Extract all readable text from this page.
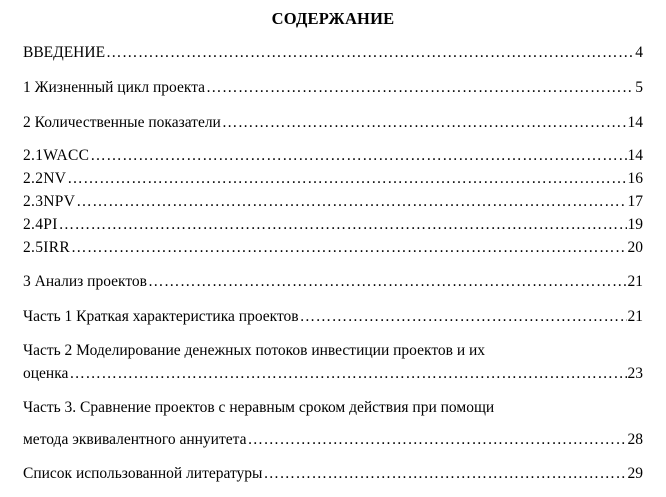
СОДЕРЖАНИЕ
ВВЕДЕНИЕ …………………………………………………………………………………………………………………………………………………………………………………………	4
1 Жизненный цикл проекта …………………………………………………………………………………………………………………………………………………………………………………………	5
2 Количественные показатели …………………………………………………………………………………………………………………………………………………………………………………………	14
2.1WACC …………………………………………………………………………………………………………………………………………………………………………………………	14
2.2NV …………………………………………………………………………………………………………………………………………………………………………………………	16
2.3NPV …………………………………………………………………………………………………………………………………………………………………………………………	17
2.4PI …………………………………………………………………………………………………………………………………………………………………………………………	19
2.5IRR …………………………………………………………………………………………………………………………………………………………………………………………	20
3 Анализ проектов …………………………………………………………………………………………………………………………………………………………………………………………	21
Часть 1 Краткая характеристика проектов …………………………………………………………………………………………………………………………………………………………………………………………	21
Часть 2 Моделирование денежных потоков инвестиции проектов и их
оценка …………………………………………………………………………………………………………………………………………………………………………………………	23
Часть 3. Сравнение проектов с неравным сроком действия при помощи
метода эквивалентного аннуитета …………………………………………………………………………………………………………………………………………………………………………………………	28
Список использованной литературы …………………………………………………………………………………………………………………………………………………………………………………………	29
